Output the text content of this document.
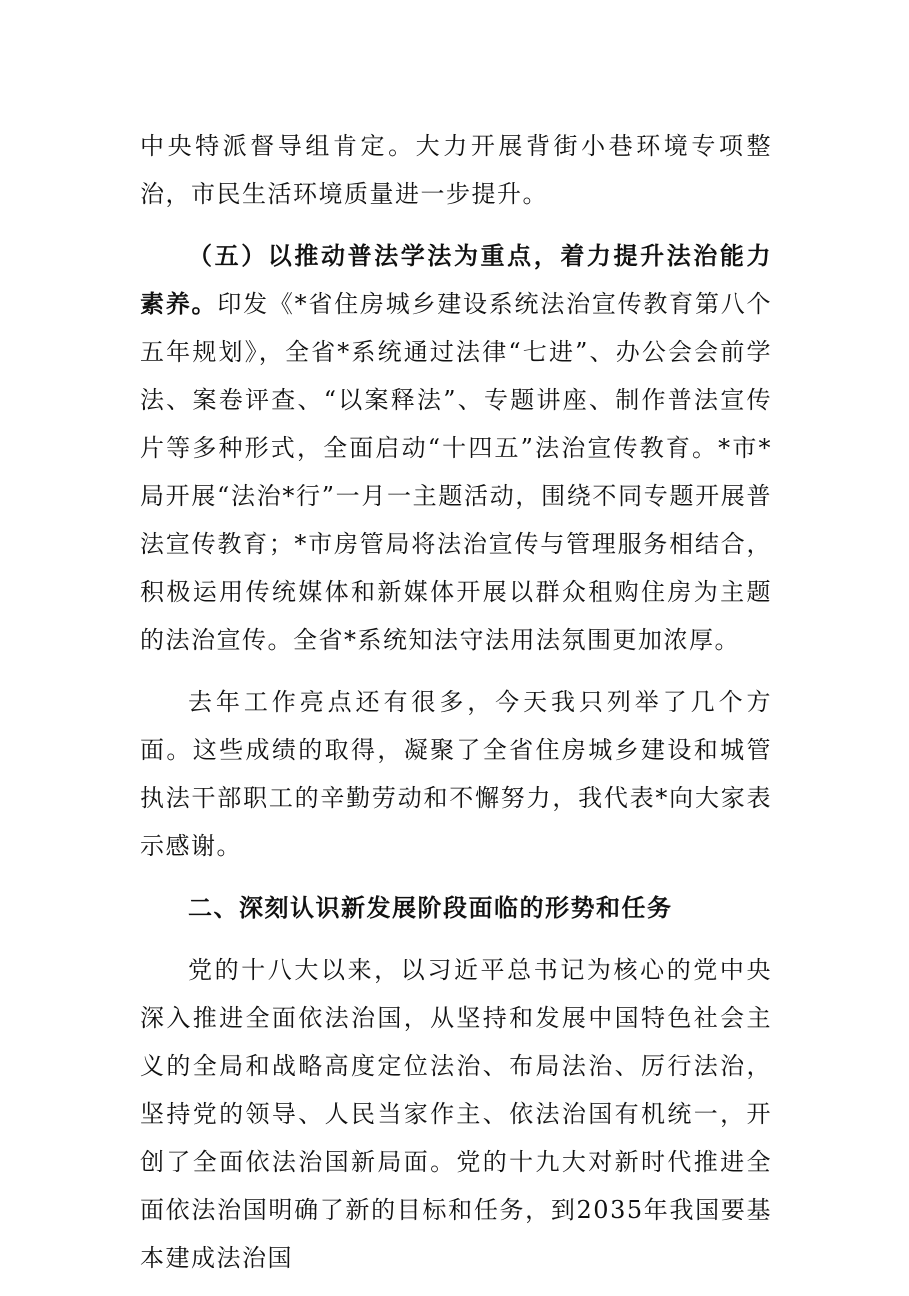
中央特派督导组肯定。大力开展背街小巷环境专项整治，市民生活环境质量进一步提升。

（五）以推动普法学法为重点，着力提升法治能力素养。印发《*省住房城乡建设系统法治宣传教育第八个五年规划》，全省*系统通过法律“七进”、办公会会前学法、案卷评查、“以案释法”、专题讲座、制作普法宣传片等多种形式，全面启动“十四五”法治宣传教育。*市*局开展“法治*行”一月一主题活动，围绕不同专题开展普法宣传教育；*市房管局将法治宣传与管理服务相结合，积极运用传统媒体和新媒体开展以群众租购住房为主题的法治宣传。全省*系统知法守法用法氛围更加浓厚。

去年工作亮点还有很多，今天我只列举了几个方面。这些成绩的取得，凝聚了全省住房城乡建设和城管执法干部职工的辛勤劳动和不懈努力，我代表*向大家表示感谢。

二、深刻认识新发展阶段面临的形势和任务

党的十八大以来，以习近平总书记为核心的党中央深入推进全面依法治国，从坚持和发展中国特色社会主义的全局和战略高度定位法治、布局法治、厉行法治，坚持党的领导、人民当家作主、依法治国有机统一，开创了全面依法治国新局面。党的十九大对新时代推进全面依法治国明确了新的目标和任务，到2035年我国要基本建成法治国
